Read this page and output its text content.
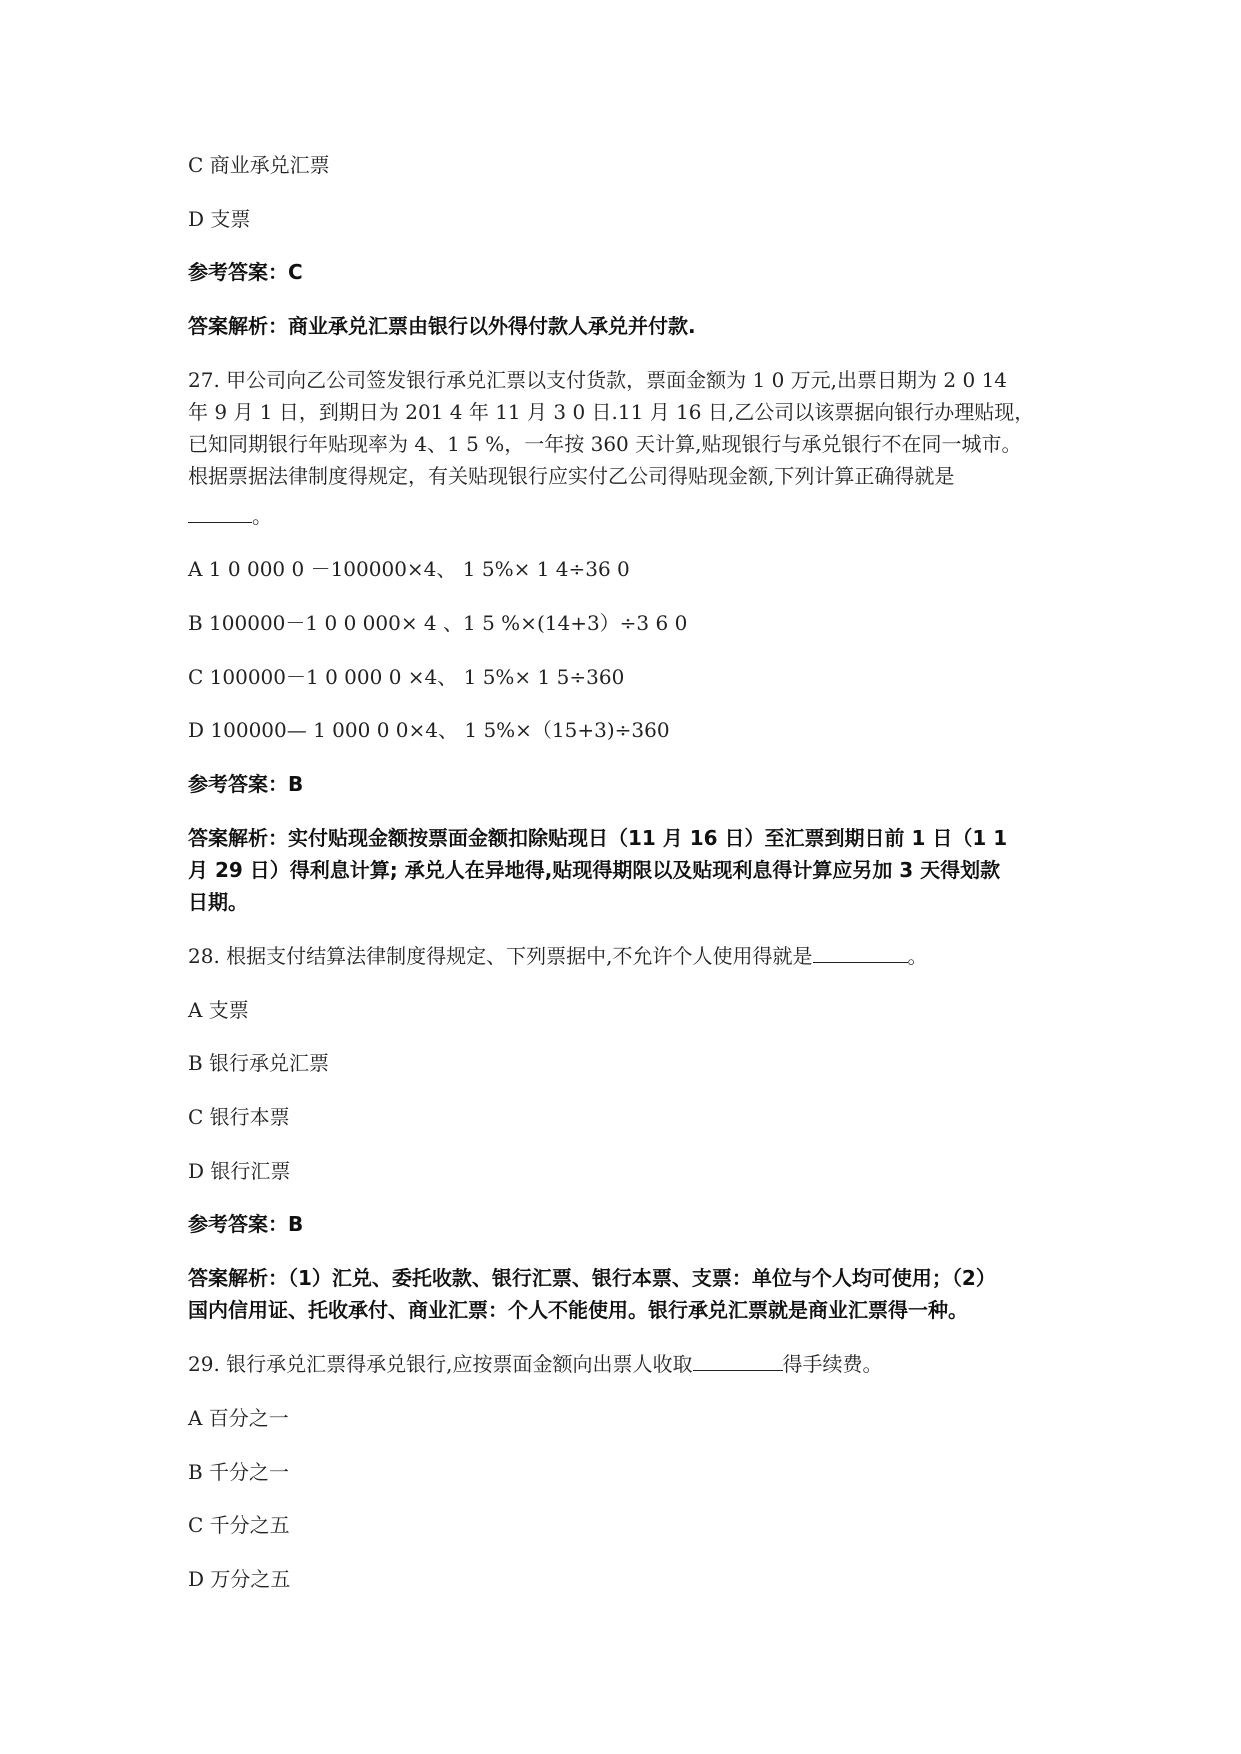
C 商业承兑汇票
D 支票
参考答案：C
答案解析：商业承兑汇票由银行以外得付款人承兑并付款.
27. 甲公司向乙公司签发银行承兑汇票以支付货款，票面金额为 1 0 万元,出票日期为 2 0 14
年 9 月 1 日，到期日为 201 4 年 11 月 3 0 日.11 月 16 日,乙公司以该票据向银行办理贴现，
已知同期银行年贴现率为 4、1 5 %，一年按 360 天计算,贴现银行与承兑银行不在同一城市。
根据票据法律制度得规定，有关贴现银行应实付乙公司得贴现金额,下列计算正确得就是
。
A 1 0 000 0 －100000×4、 1 5%× 1 4÷36 0
B 100000－1 0 0 000× 4 、1 5 %×(14+3）÷3 6 0
C 100000－1 0 000 0 ×4、 1 5%× 1 5÷360
D 100000— 1 000 0 0×4、 1 5%×（15+3)÷360
参考答案：B
答案解析：实付贴现金额按票面金额扣除贴现日（11 月 16 日）至汇票到期日前 1 日（1 1
月 29 日）得利息计算; 承兑人在异地得,贴现得期限以及贴现利息得计算应另加 3 天得划款
日期。
28. 根据支付结算法律制度得规定、下列票据中,不允许个人使用得就是	。
A 支票
B 银行承兑汇票
C 银行本票
D 银行汇票
参考答案：B
答案解析：（1）汇兑、委托收款、银行汇票、银行本票、支票：单位与个人均可使用；（2）
国内信用证、托收承付、商业汇票：个人不能使用。银行承兑汇票就是商业汇票得一种。
29. 银行承兑汇票得承兑银行,应按票面金额向出票人收取	得手续费。
A 百分之一
B 千分之一
C 千分之五
D 万分之五
